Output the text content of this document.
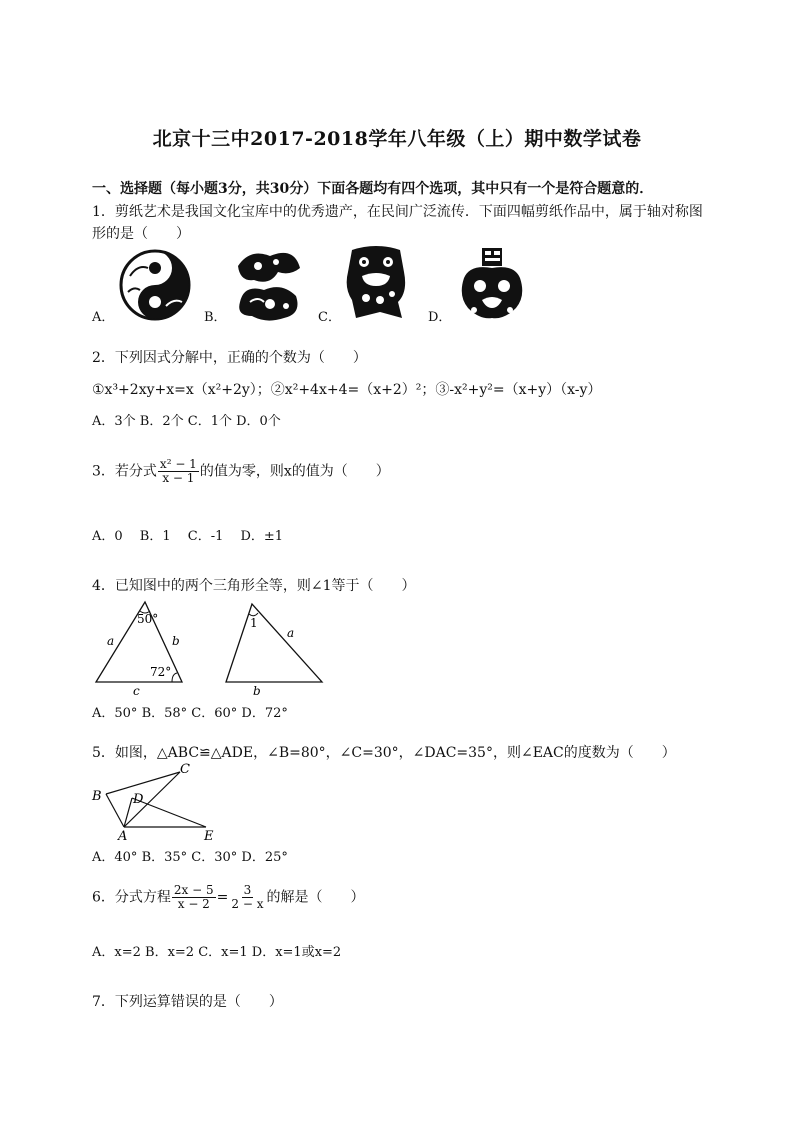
北京十三中2017-2018学年八年级（上）期中数学试卷
一、选择题（每小题3分，共30分）下面各题均有四个选项，其中只有一个是符合题意的．
1．剪纸艺术是我国文化宝库中的优秀遗产，在民间广泛流传．下面四幅剪纸作品中，属于轴对称图
形的是（　　）
A．	B．	C．	D．
2．下列因式分解中，正确的个数为（　　）
①x³+2xy+x=x（x²+2y）；②x²+4x+4=（x+2）²；③-x²+y²=（x+y）（x-y）
A．3个 B．2个 C．1个 D．0个
3．若分式 $\frac{\text{x² − 1}}{x - 1}$ 的值为零，则x的值为（　　）
A．0　 B．1　 C．-1　 D．±1
4．已知图中的两个三角形全等，则∠1等于（　　）
50°
72°
a	b
c
1
a
b
A．50° B．58° C．60° D．72°
5．如图，△ABC≌△ADE，∠B=80°，∠C=30°，∠DAC=35°，则∠EAC的度数为（　　）
B
C
D
A	E
A．40° B．35° C．30° D．25°
6．分式方程 $\frac{2x - 5}{x - 2} = \frac{3}{2 - x}$ 的解是（　　）
A．x=2 B．x=2 C．x=1 D．x=1或x=2
7．下列运算错误的是（　　）
